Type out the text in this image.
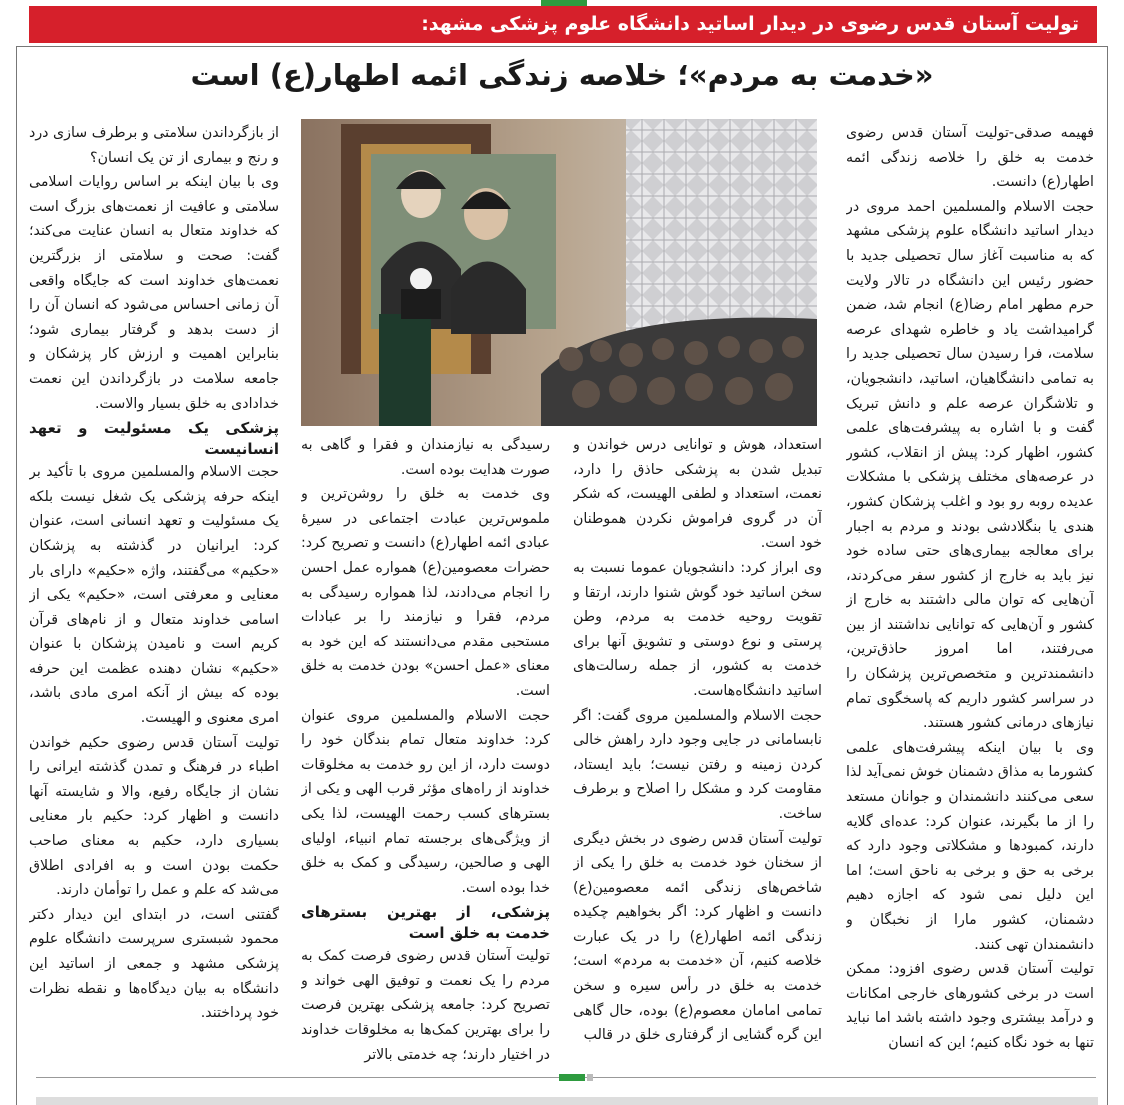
تولیت آستان قدس رضوی در دیدار اساتید دانشگاه علوم پزشکی مشهد:
«خدمت به مردم»؛ خلاصه زندگی ائمه اطهار(ع) است

فهیمه صدقی-تولیت آستان قدس رضوی خدمت به خلق را خلاصه زندگی ائمه اطهار(ع) دانست.

حجت الاسلام والمسلمین احمد مروی در دیدار اساتید دانشگاه علوم پزشکی مشهد که به مناسبت آغاز سال تحصیلی جدید با حضور رئیس این دانشگاه در تالار ولایت حرم مطهر امام رضا(ع) انجام شد، ضمن گرامیداشت یاد و خاطره شهدای عرصه سلامت، فرا رسیدن سال تحصیلی جدید را به تمامی دانشگاهیان، اساتید، دانشجویان، و تلاشگران عرصه علم و دانش تبریک گفت و با اشاره به پیشرفت‌های علمی کشور، اظهار کرد: پیش از انقلاب، کشور در عرصه‌های مختلف پزشکی با مشکلات عدیده روبه رو بود و اغلب پزشکان کشور، هندی یا بنگلادشی بودند و مردم به اجبار برای معالجه بیماری‌های حتی ساده خود نیز باید به خارج از کشور سفر می‌کردند، آن‌هایی که توان مالی داشتند به خارج از کشور و آن‌هایی که توانایی نداشتند از بین می‌رفتند، اما امروز حاذق‌ترین، دانشمندترین و متخصص‌ترین پزشکان را در سراسر کشور داریم که پاسخگوی تمام نیازهای درمانی کشور هستند.

وی با بیان اینکه پیشرفت‌های علمی کشورما به مذاق دشمنان خوش نمی‌آید لذا سعی می‌کنند دانشمندان و جوانان مستعد را از ما بگیرند، عنوان کرد: عده‌ای گلایه دارند، کمبودها و مشکلاتی وجود دارد که برخی به حق و برخی به ناحق است؛ اما این دلیل نمی شود که اجازه دهیم دشمنان، کشور مارا از نخبگان و دانشمندان تهی کنند.

تولیت آستان قدس رضوی افزود: ممکن است در برخی کشورهای خارجی امکانات و درآمد بیشتری وجود داشته باشد اما نباید تنها به خود نگاه کنیم؛ این که انسان

استعداد، هوش و توانایی درس خواندن و تبدیل شدن به پزشکی حاذق را دارد، نعمت، استعداد و لطفی الهیست، که شکر آن در گروی فراموش نکردن هموطنان خود است.

وی ابراز کرد: دانشجویان عموما نسبت به سخن اساتید خود گوش شنوا دارند، ارتقا و تقویت روحیه خدمت به مردم، وطن پرستی و نوع دوستی و تشویق آنها برای خدمت به کشور، از جمله رسالت‌های اساتید دانشگاه‌هاست.

حجت الاسلام والمسلمین مروی گفت: اگر نابسامانی در جایی وجود دارد راهش خالی کردن زمینه و رفتن نیست؛ باید ایستاد، مقاومت کرد و مشکل را اصلاح و برطرف ساخت.

تولیت آستان قدس رضوی در بخش دیگری از سخنان خود خدمت به خلق را یکی از شاخص‌های زندگی ائمه معصومین(ع) دانست و اظهار کرد: اگر بخواهیم چکیده زندگی ائمه اطهار(ع) را در یک عبارت خلاصه کنیم، آن «خدمت به مردم» است؛ خدمت به خلق در رأس سیره و سخن تمامی امامان معصوم(ع) بوده، حال گاهی این گره گشایی از گرفتاری خلق در قالب

رسیدگی به نیازمندان و فقرا و گاهی به صورت هدایت بوده است.

وی خدمت به خلق را روشن‌ترین و ملموس‌ترین عبادت اجتماعی در سیرهٔ عبادی ائمه اطهار(ع) دانست و تصریح کرد: حضرات معصومین(ع) همواره عمل احسن را انجام می‌دادند، لذا همواره رسیدگی به مردم، فقرا و نیازمند را بر عبادات مستحبی مقدم می‌دانستند که این خود به معنای «عمل احسن» بودن خدمت به خلق است.

حجت الاسلام والمسلمین مروی عنوان کرد: خداوند متعال تمام بندگان خود را دوست دارد، از این رو خدمت به مخلوقات خداوند از راه‌های مؤثر قرب الهی و یکی از بسترهای کسب رحمت الهیست، لذا یکی از ویژگی‌های برجسته تمام انبیاء، اولیای الهی و صالحین، رسیدگی و کمک به خلق خدا بوده است.

پزشکی، از بهترین بسترهای خدمت به خلق است

تولیت آستان قدس رضوی فرصت کمک به مردم را یک نعمت و توفیق الهی خواند و تصریح کرد: جامعه پزشکی بهترین فرصت را برای بهترین کمک‌ها به مخلوقات خداوند در اختیار دارند؛ چه خدمتی بالاتر

از بازگرداندن سلامتی و برطرف سازی درد و رنج و بیماری از تن یک انسان؟

وی با بیان اینکه بر اساس روایات اسلامی سلامتی و عافیت از نعمت‌های بزرگ است که خداوند متعال به انسان عنایت می‌کند؛ گفت: صحت و سلامتی از بزرگترین نعمت‌های خداوند است که جایگاه واقعی آن زمانی احساس می‌شود که انسان آن را از دست بدهد و گرفتار بیماری شود؛ بنابراین اهمیت و ارزش کار پزشکان و جامعه سلامت در بازگرداندن این نعمت خدادادی به خلق بسیار والاست.

پزشکی یک مسئولیت و تعهد انسانیست

حجت الاسلام والمسلمین مروی با تأکید بر اینکه حرفه پزشکی یک شغل نیست بلکه یک مسئولیت و تعهد انسانی است، عنوان کرد: ایرانیان در گذشته به پزشکان «حکیم» می‌گفتند، واژه «حکیم» دارای بار معنایی و معرفتی است، «حکیم» یکی از اسامی خداوند متعال و از نام‌های قرآن کریم است و نامیدن پزشکان با عنوان «حکیم» نشان دهنده عظمت این حرفه بوده که بیش از آنکه امری مادی باشد، امری معنوی و الهیست.

تولیت آستان قدس رضوی حکیم خواندن اطباء در فرهنگ و تمدن گذشته ایرانی را نشان از جایگاه رفیع، والا و شایسته آنها دانست و اظهار کرد: حکیم بار معنایی بسیاری دارد، حکیم به معنای صاحب حکمت بودن است و به افرادی اطلاق می‌شد که علم و عمل را توأمان دارند.

گفتنی است، در ابتدای این دیدار دکتر محمود شبستری سرپرست دانشگاه علوم پزشکی مشهد و جمعی از اساتید این دانشگاه به بیان دیدگاه‌ها و نقطه نظرات خود پرداختند.
